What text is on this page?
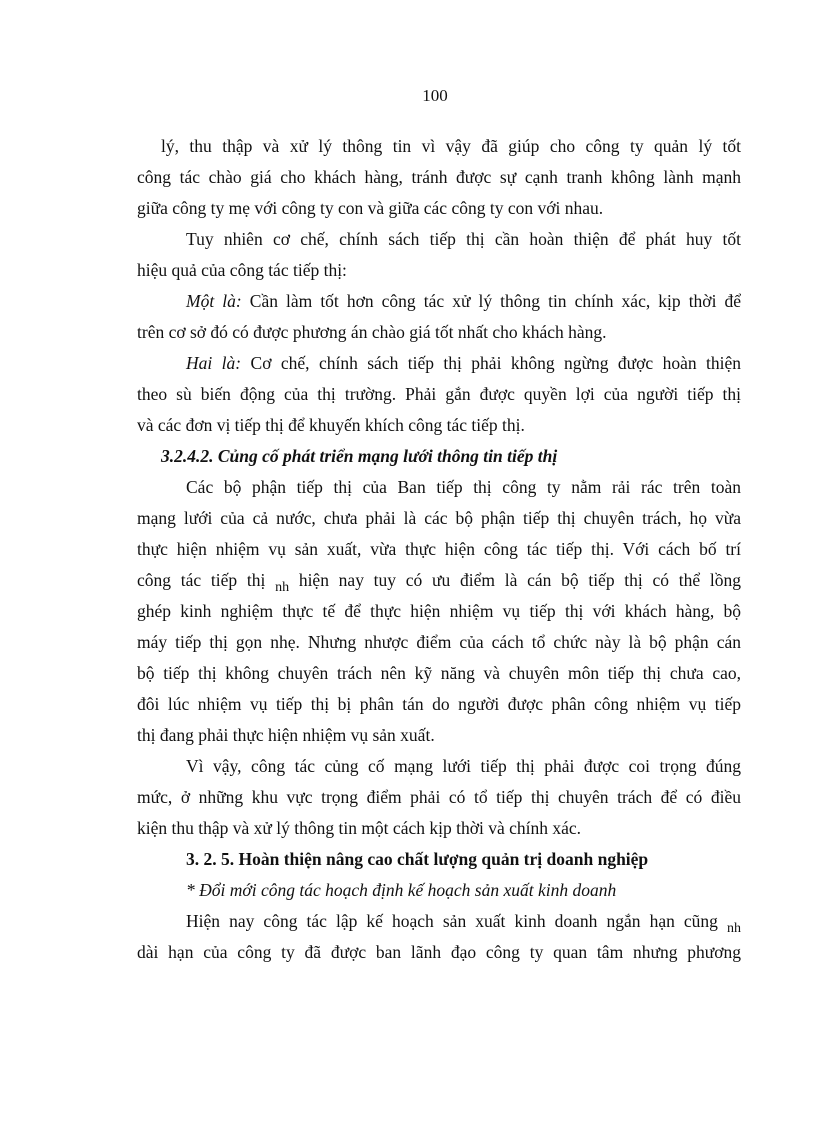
100
lý, thu thập và xử lý thông tin vì vậy đã giúp cho công ty quản lý tốt
công tác chào giá cho khách hàng, tránh được sự cạnh tranh không lành mạnh
giữa công ty mẹ với công ty con và giữa các công ty con với nhau.
Tuy nhiên cơ chế, chính sách tiếp thị cần hoàn thiện để phát huy tốt
hiệu quả của công tác tiếp thị:
Một là: Cần làm tốt hơn công tác xử lý thông tin chính xác, kịp thời để
trên cơ sở đó có được phương án chào giá tốt nhất cho khách hàng.
Hai là: Cơ chế, chính sách tiếp thị phải không ngừng được hoàn thiện
theo sù biến động của thị trường. Phải gắn được quyền lợi của người tiếp thị
và các đơn vị tiếp thị để khuyến khích công tác tiếp thị.
3.2.4.2. Củng cố phát triển mạng lưới thông tin tiếp thị
Các bộ phận tiếp thị của Ban tiếp thị công ty nằm rải rác trên toàn
mạng lưới của cả nước, chưa phải là các bộ phận tiếp thị chuyên trách, họ vừa
thực hiện nhiệm vụ sản xuất, vừa thực hiện công tác tiếp thị. Với cách bố trí
công tác tiếp thị $_{nh}$ hiện nay tuy có ưu điểm là cán bộ tiếp thị có thể lồng
ghép kinh nghiệm thực tế để thực hiện nhiệm vụ tiếp thị với khách hàng, bộ
máy tiếp thị gọn nhẹ. Nhưng nhược điểm của cách tổ chức này là bộ phận cán
bộ tiếp thị không chuyên trách nên kỹ năng và chuyên môn tiếp thị chưa cao,
đôi lúc nhiệm vụ tiếp thị bị phân tán do người được phân công nhiệm vụ tiếp
thị đang phải thực hiện nhiệm vụ sản xuất.
Vì vậy, công tác củng cố mạng lưới tiếp thị phải được coi trọng đúng
mức, ở những khu vực trọng điểm phải có tổ tiếp thị chuyên trách để có điều
kiện thu thập và xử lý thông tin một cách kịp thời và chính xác.
3. 2. 5. Hoàn thiện nâng cao chất lượng quản trị doanh nghiệp
* Đổi mới công tác hoạch định kế hoạch sản xuất kinh doanh
Hiện nay công tác lập kế hoạch sản xuất kinh doanh ngắn hạn cũng $_{nh}$
dài hạn của công ty đã được ban lãnh đạo công ty quan tâm nhưng phương
